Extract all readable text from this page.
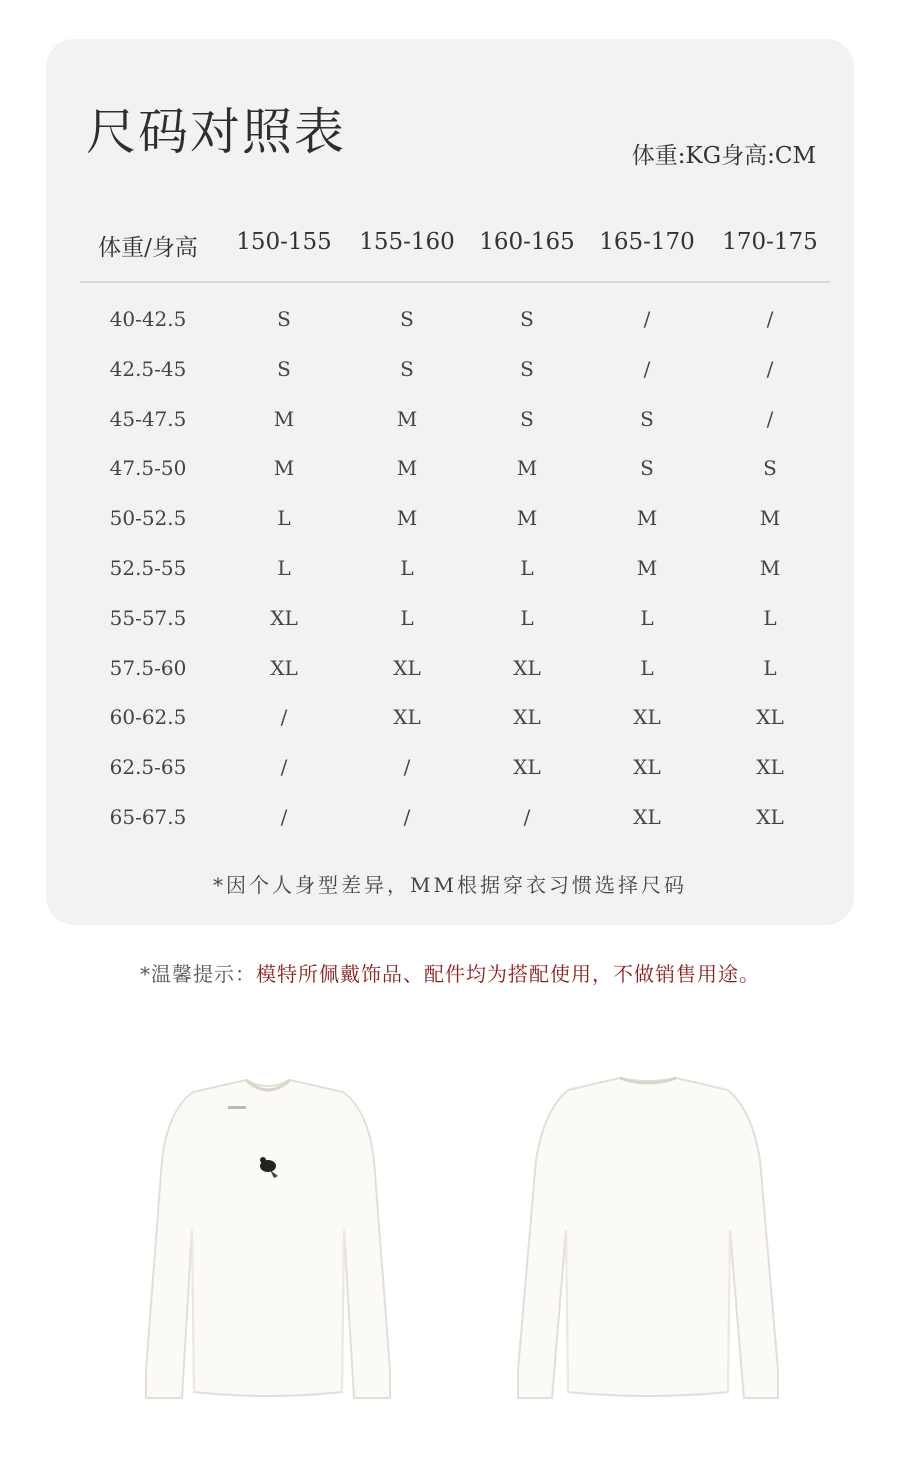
尺码对照表	体重:KG身高:CM
体重/身高 150-155 155-160 160-165 165-170 170-175
40-42.5	S	S	S	/	/
42.5-45	S	S	S	/	/
45-47.5	M	M	S	S	/
47.5-50	M	M	M	S	S
50-52.5	L	M	M	M	M
52.5-55	L	L	L	M	M
55-57.5	XL	L	L	L	L
57.5-60	XL	XL	XL	L	L
60-62.5	/	XL	XL	XL	XL
62.5-65	/	/	XL	XL	XL
65-67.5	/	/	/	XL	XL
*因个人身型差异，MM根据穿衣习惯选择尺码
*温馨提示：模特所佩戴饰品、配件均为搭配使用，不做销售用途。
